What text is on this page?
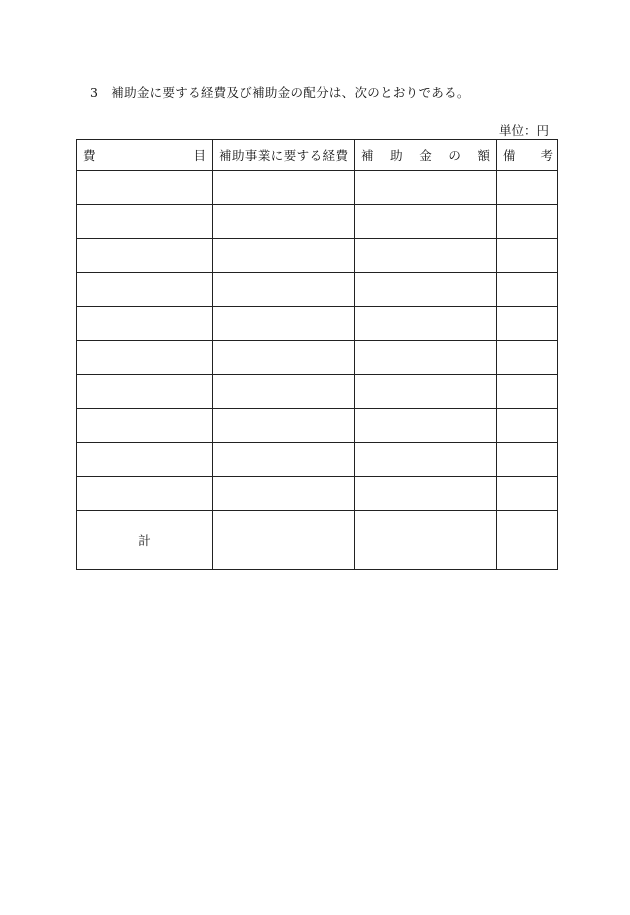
3 補助金に要する経費及び補助金の配分は、次のとおりである。
単位：円
費　　　　　　目	補助事業に要する経費	補　助　金　の　額	備　　考

計			
